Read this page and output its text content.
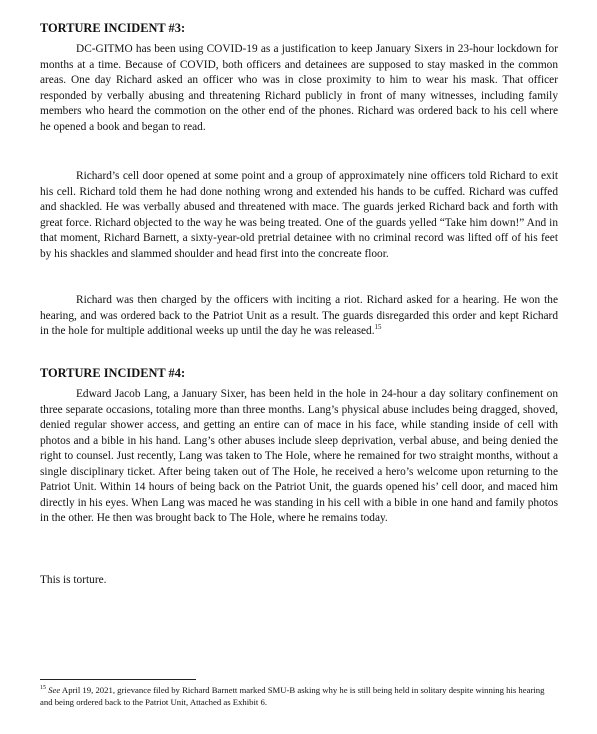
TORTURE INCIDENT #3:

DC-GITMO has been using COVID-19 as a justification to keep January Sixers in 23-hour lockdown for months at a time. Because of COVID, both officers and detainees are supposed to stay masked in the common areas. One day Richard asked an officer who was in close proximity to him to wear his mask. That officer responded by verbally abusing and threatening Richard publicly in front of many witnesses, including family members who heard the commotion on the other end of the phones. Richard was ordered back to his cell where he opened a book and began to read.

Richard’s cell door opened at some point and a group of approximately nine officers told Richard to exit his cell. Richard told them he had done nothing wrong and extended his hands to be cuffed. Richard was cuffed and shackled. He was verbally abused and threatened with mace. The guards jerked Richard back and forth with great force. Richard objected to the way he was being treated. One of the guards yelled “Take him down!” And in that moment, Richard Barnett, a sixty-year-old pretrial detainee with no criminal record was lifted off of his feet by his shackles and slammed shoulder and head first into the concreate floor.

Richard was then charged by the officers with inciting a riot. Richard asked for a hearing. He won the hearing, and was ordered back to the Patriot Unit as a result. The guards disregarded this order and kept Richard in the hole for multiple additional weeks up until the day he was released.$^{15}$

TORTURE INCIDENT #4:

Edward Jacob Lang, a January Sixer, has been held in the hole in 24-hour a day solitary confinement on three separate occasions, totaling more than three months. Lang’s physical abuse includes being dragged, shoved, denied regular shower access, and getting an entire can of mace in his face, while standing inside of cell with photos and a bible in his hand. Lang’s other abuses include sleep deprivation, verbal abuse, and being denied the right to counsel. Just recently, Lang was taken to The Hole, where he remained for two straight months, without a single disciplinary ticket. After being taken out of The Hole, he received a hero’s welcome upon returning to the Patriot Unit. Within 14 hours of being back on the Patriot Unit, the guards opened his’ cell door, and maced him directly in his eyes. When Lang was maced he was standing in his cell with a bible in one hand and family photos in the other. He then was brought back to The Hole, where he remains today.

This is torture.

$^{15}$ See April 19, 2021, grievance filed by Richard Barnett marked SMU-B asking why he is still being held in solitary despite winning his hearing and being ordered back to the Patriot Unit, Attached as Exhibit 6.
